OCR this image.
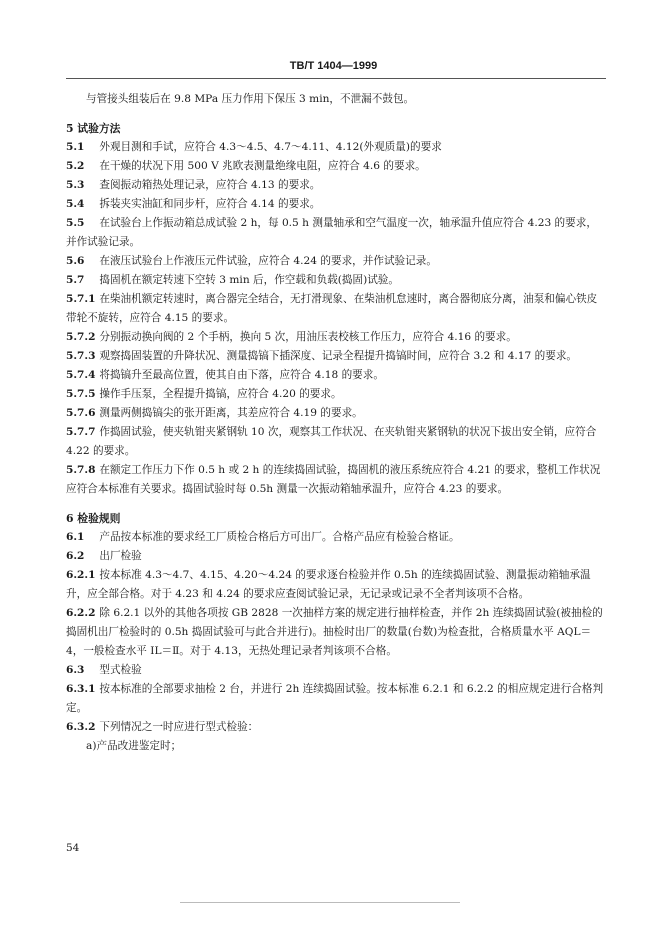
TB/T 1404—1999
与管接头组装后在 9.8 MPa 压力作用下保压 3 min，不泄漏不鼓包。
5 试验方法
5.1 外观目测和手试，应符合 4.3～4.5、4.7～4.11、4.12(外观质量)的要求
5.2 在干燥的状况下用 500 V 兆欧表测量绝缘电阻，应符合 4.6 的要求。
5.3 查阅振动箱热处理记录，应符合 4.13 的要求。
5.4 拆装夹实油缸和同步杆，应符合 4.14 的要求。
5.5 在试验台上作振动箱总成试验 2 h，每 0.5 h 测量轴承和空气温度一次，轴承温升值应符合 4.23 的要求，并作试验记录。
5.6 在液压试验台上作液压元件试验，应符合 4.24 的要求，并作试验记录。
5.7 捣固机在额定转速下空转 3 min 后，作空载和负载(捣固)试验。
5.7.1 在柴油机额定转速时，离合器完全结合，无打滑现象、在柴油机怠速时，离合器彻底分离，油泵和偏心铁皮带轮不旋转，应符合 4.15 的要求。
5.7.2 分别振动换向阀的 2 个手柄，换向 5 次，用油压表校核工作压力，应符合 4.16 的要求。
5.7.3 观察捣固装置的升降状况、测量捣镐下插深度、记录全程提升捣镐时间，应符合 3.2 和 4.17 的要求。
5.7.4 将捣镐升至最高位置，使其自由下落，应符合 4.18 的要求。
5.7.5 操作手压泵，全程提升捣镐，应符合 4.20 的要求。
5.7.6 测量两侧捣镐尖的张开距离，其差应符合 4.19 的要求。
5.7.7 作捣固试验，使夹轨钳夹紧钢轨 10 次，观察其工作状况、在夹轨钳夹紧钢轨的状况下拔出安全销，应符合 4.22 的要求。
5.7.8 在额定工作压力下作 0.5 h 或 2 h 的连续捣固试验，捣固机的液压系统应符合 4.21 的要求，整机工作状况应符合本标准有关要求。捣固试验时每 0.5h 测量一次振动箱轴承温升，应符合 4.23 的要求。
6 检验规则
6.1 产品按本标准的要求经工厂质检合格后方可出厂。合格产品应有检验合格证。
6.2 出厂检验
6.2.1 按本标准 4.3～4.7、4.15、4.20～4.24 的要求逐台检验并作 0.5h 的连续捣固试验、测量振动箱轴承温升，应全部合格。对于 4.23 和 4.24 的要求应查阅试验记录，无记录或记录不全者判该项不合格。
6.2.2 除 6.2.1 以外的其他各项按 GB 2828 一次抽样方案的规定进行抽样检查，并作 2h 连续捣固试验(被抽检的捣固机出厂检验时的 0.5h 捣固试验可与此合并进行)。抽检时出厂的数量(台数)为检查批，合格质量水平 AQL＝4，一般检查水平 IL＝Ⅱ。对于 4.13，无热处理记录者判该项不合格。
6.3 型式检验
6.3.1 按本标准的全部要求抽检 2 台，并进行 2h 连续捣固试验。按本标准 6.2.1 和 6.2.2 的相应规定进行合格判定。
6.3.2 下列情况之一时应进行型式检验：
a)产品改进鉴定时；
54
